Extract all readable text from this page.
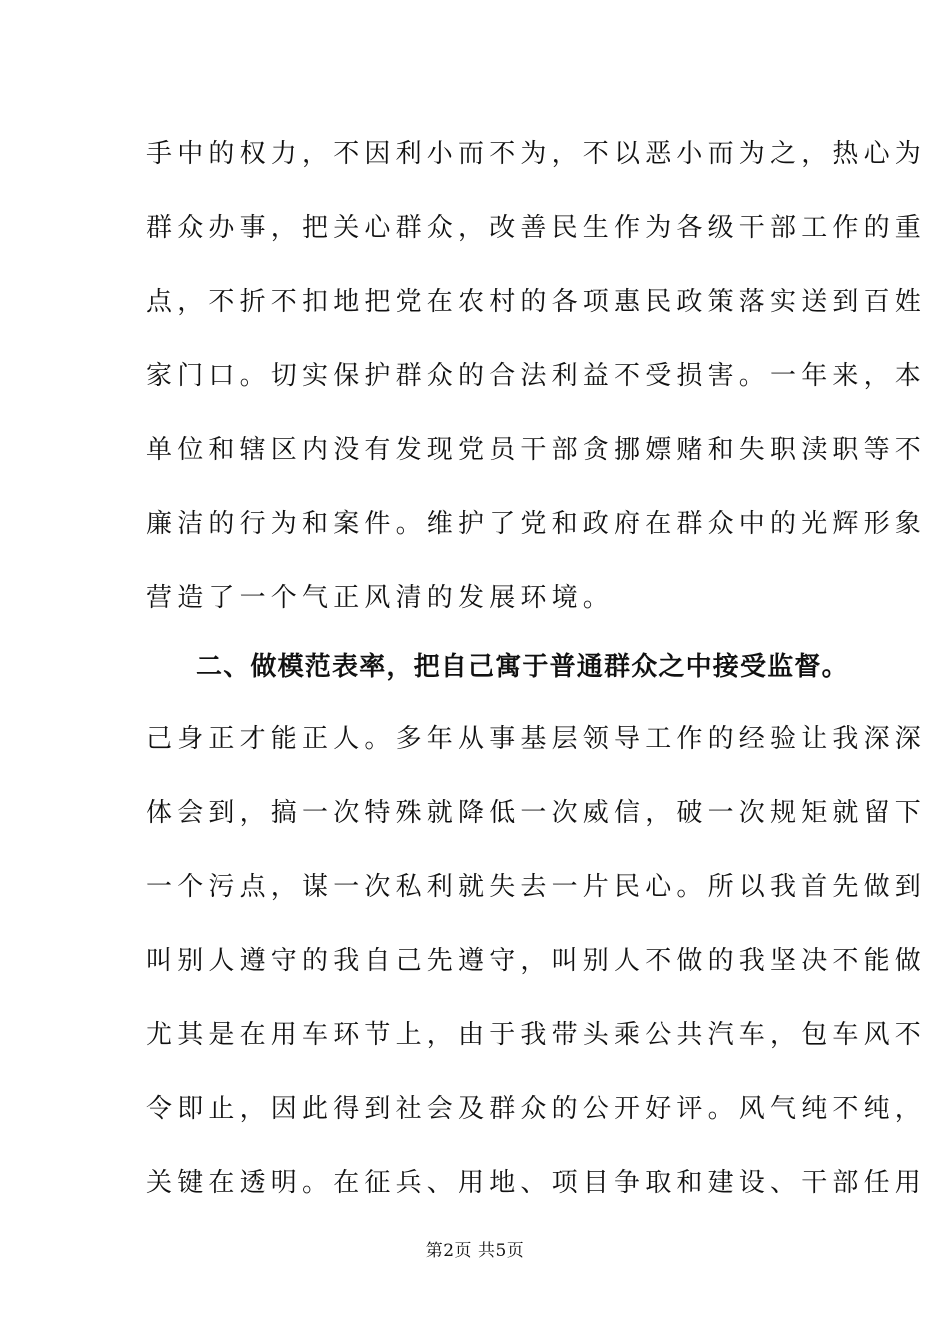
手中的权力，不因利小而不为，不以恶小而为之，热心为
群众办事，把关心群众，改善民生作为各级干部工作的重
点，不折不扣地把党在农村的各项惠民政策落实送到百姓
家门口。切实保护群众的合法利益不受损害。一年来，本
单位和辖区内没有发现党员干部贪挪嫖赌和失职渎职等不
廉洁的行为和案件。维护了党和政府在群众中的光辉形象
营造了一个气正风清的发展环境。
二、做模范表率，把自己寓于普通群众之中接受监督。
己身正才能正人。多年从事基层领导工作的经验让我深深
体会到，搞一次特殊就降低一次威信，破一次规矩就留下
一个污点，谋一次私利就失去一片民心。所以我首先做到
叫别人遵守的我自己先遵守，叫别人不做的我坚决不能做
尤其是在用车环节上，由于我带头乘公共汽车，包车风不
令即止，因此得到社会及群众的公开好评。风气纯不纯，
关键在透明。在征兵、用地、项目争取和建设、干部任用
第2页 共5页
